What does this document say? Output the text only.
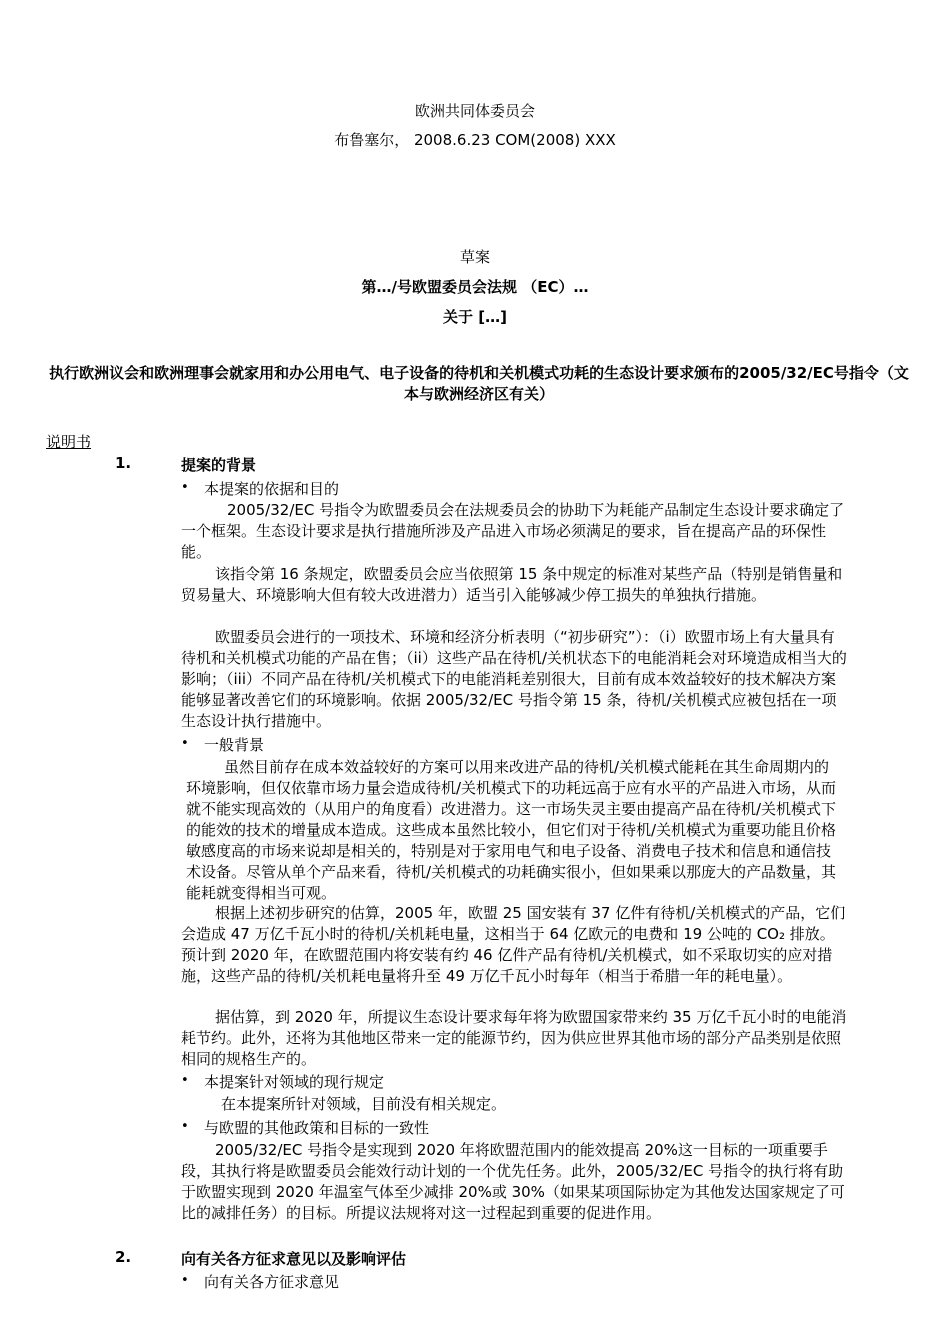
欧洲共同体委员会
布鲁塞尔， 2008.6.23 COM(2008) XXX
草案
第…/号欧盟委员会法规 （EC）…
关于 […]
执行欧洲议会和欧洲理事会就家用和办公用电气、电子设备的待机和关机模式功耗的生态设计要求颁布的2005/32/EC号指令（文本与欧洲经济区有关）
说明书
1.	提案的背景
• 本提案的依据和目的
2005/32/EC 号指令为欧盟委员会在法规委员会的协助下为耗能产品制定生态设计要求确定了一个框架。生态设计要求是执行措施所涉及产品进入市场必须满足的要求，旨在提高产品的环保性能。
该指令第 16 条规定，欧盟委员会应当依照第 15 条中规定的标准对某些产品（特别是销售量和贸易量大、环境影响大但有较大改进潜力）适当引入能够减少停工损失的单独执行措施。
欧盟委员会进行的一项技术、环境和经济分析表明（“初步研究”）：（i）欧盟市场上有大量具有待机和关机模式功能的产品在售；（ii）这些产品在待机/关机状态下的电能消耗会对环境造成相当大的影响；（iii）不同产品在待机/关机模式下的电能消耗差别很大，目前有成本效益较好的技术解决方案能够显著改善它们的环境影响。依据 2005/32/EC 号指令第 15 条，待机/关机模式应被包括在一项生态设计执行措施中。
• 一般背景
虽然目前存在成本效益较好的方案可以用来改进产品的待机/关机模式能耗在其生命周期内的环境影响，但仅依靠市场力量会造成待机/关机模式下的功耗远高于应有水平的产品进入市场，从而就不能实现高效的（从用户的角度看）改进潜力。这一市场失灵主要由提高产品在待机/关机模式下的能效的技术的增量成本造成。这些成本虽然比较小，但它们对于待机/关机模式为重要功能且价格敏感度高的市场来说却是相关的，特别是对于家用电气和电子设备、消费电子技术和信息和通信技术设备。尽管从单个产品来看，待机/关机模式的功耗确实很小，但如果乘以那庞大的产品数量，其能耗就变得相当可观。
根据上述初步研究的估算，2005 年，欧盟 25 国安装有 37 亿件有待机/关机模式的产品，它们会造成 47 万亿千瓦小时的待机/关机耗电量，这相当于 64 亿欧元的电费和 19 公吨的 CO₂ 排放。预计到 2020 年，在欧盟范围内将安装有约 46 亿件产品有待机/关机模式，如不采取切实的应对措施，这些产品的待机/关机耗电量将升至 49 万亿千瓦小时每年（相当于希腊一年的耗电量）。
据估算，到 2020 年，所提议生态设计要求每年将为欧盟国家带来约 35 万亿千瓦小时的电能消耗节约。此外，还将为其他地区带来一定的能源节约，因为供应世界其他市场的部分产品类别是依照相同的规格生产的。
• 本提案针对领域的现行规定
在本提案所针对领域，目前没有相关规定。
• 与欧盟的其他政策和目标的一致性
2005/32/EC 号指令是实现到 2020 年将欧盟范围内的能效提高 20%这一目标的一项重要手段，其执行将是欧盟委员会能效行动计划的一个优先任务。此外，2005/32/EC 号指令的执行将有助于欧盟实现到 2020 年温室气体至少减排 20%或 30%（如果某项国际协定为其他发达国家规定了可比的减排任务）的目标。所提议法规将对这一过程起到重要的促进作用。
2.	向有关各方征求意见以及影响评估
• 向有关各方征求意见
